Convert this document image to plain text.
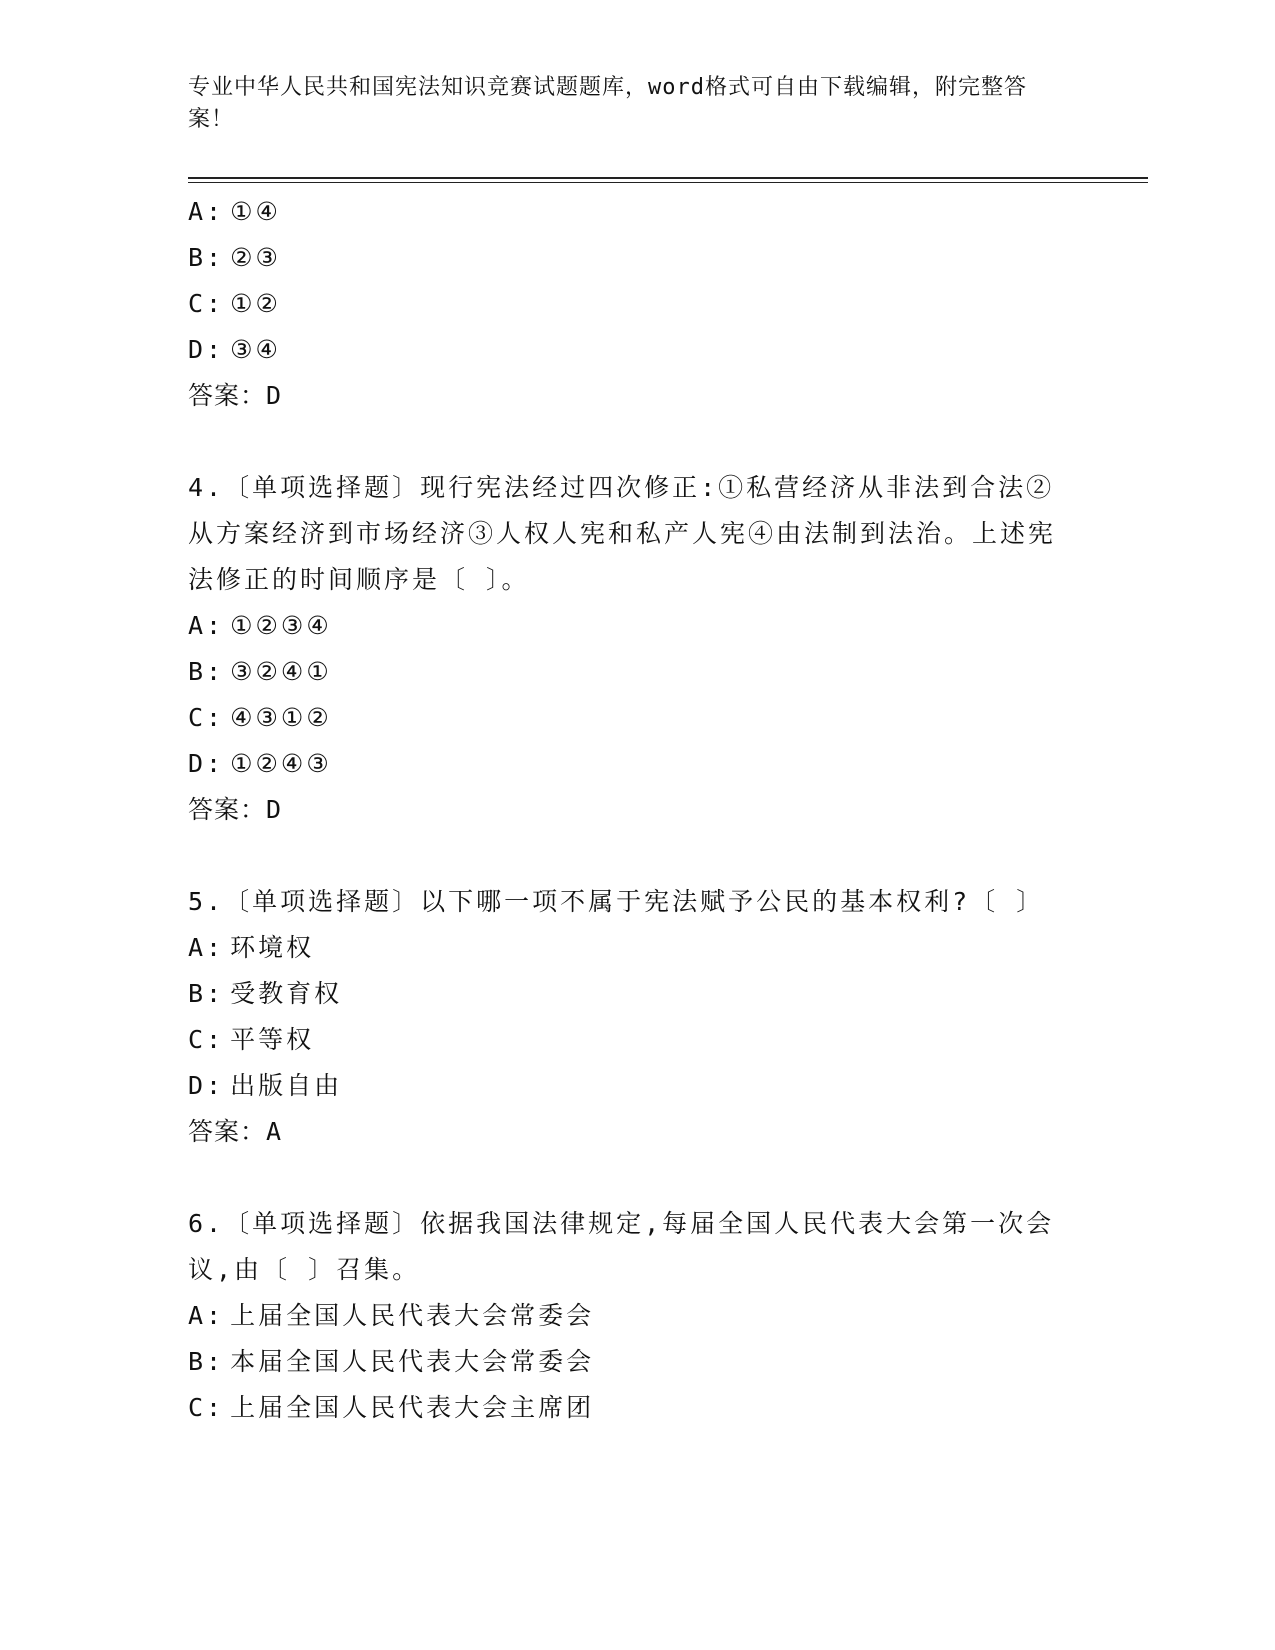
专业中华人民共和国宪法知识竞赛试题题库，word格式可自由下载编辑，附完整答案！
A: ①④
B: ②③
C: ①②
D: ③④
答案：D
4.〔单项选择题〕现行宪法经过四次修正:①私营经济从非法到合法②从方案经济到市场经济③人权人宪和私产人宪④由法制到法治。上述宪法修正的时间顺序是〔 〕。
A: ①②③④
B: ③②④①
C: ④③①②
D: ①②④③
答案：D
5.〔单项选择题〕以下哪一项不属于宪法赋予公民的基本权利?〔 〕
A: 环境权
B: 受教育权
C: 平等权
D: 出版自由
答案：A
6.〔单项选择题〕依据我国法律规定,每届全国人民代表大会第一次会议,由〔 〕召集。
A: 上届全国人民代表大会常委会
B: 本届全国人民代表大会常委会
C: 上届全国人民代表大会主席团
